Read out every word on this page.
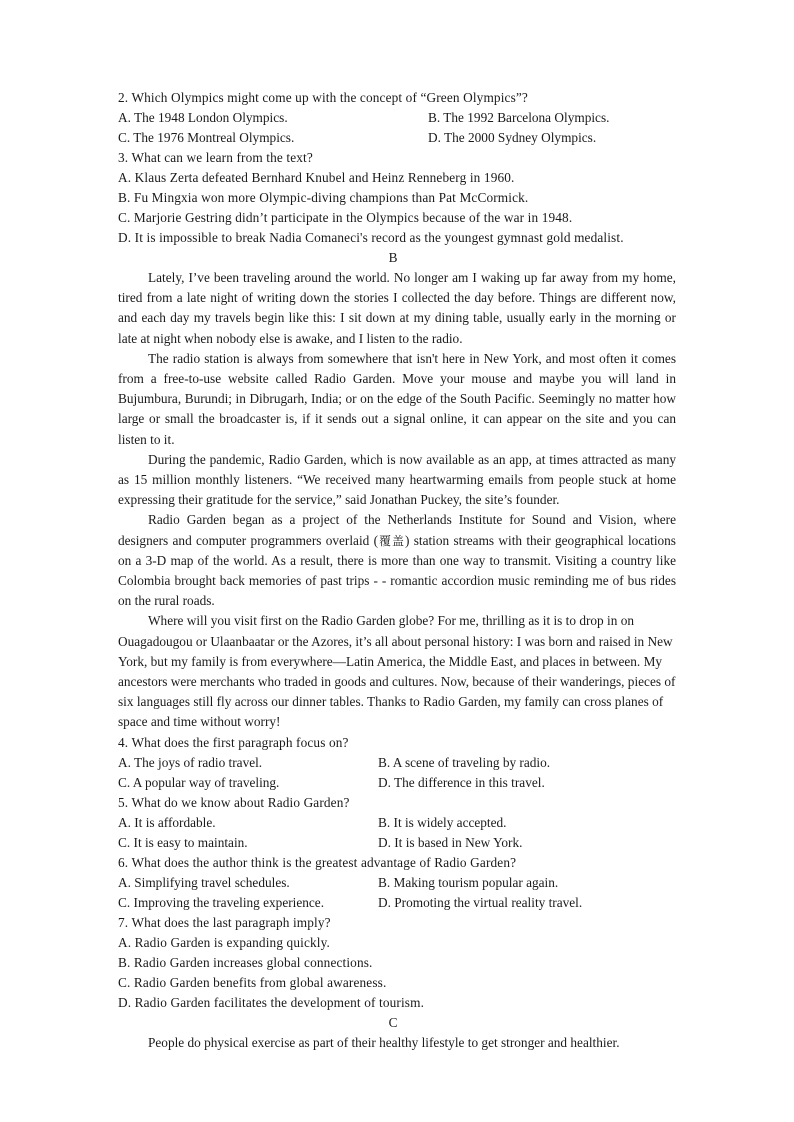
2. Which Olympics might come up with the concept of “Green Olympics”?
A. The 1948 London Olympics.	B. The 1992 Barcelona Olympics.
C. The 1976 Montreal Olympics.	D. The 2000 Sydney Olympics.
3. What can we learn from the text?
A. Klaus Zerta defeated Bernhard Knubel and Heinz Renneberg in 1960.
B. Fu Mingxia won more Olympic-diving champions than Pat McCormick.
C. Marjorie Gestring didn’t participate in the Olympics because of the war in 1948.
D. It is impossible to break Nadia Comaneci's record as the youngest gymnast gold medalist.
B

Lately, I’ve been traveling around the world. No longer am I waking up far away from my home, tired from a late night of writing down the stories I collected the day before. Things are different now, and each day my travels begin like this: I sit down at my dining table, usually early in the morning or late at night when nobody else is awake, and I listen to the radio.

The radio station is always from somewhere that isn't here in New York, and most often it comes from a free-to-use website called Radio Garden. Move your mouse and maybe you will land in Bujumbura, Burundi; in Dibrugarh, India; or on the edge of the South Pacific. Seemingly no matter how large or small the broadcaster is, if it sends out a signal online, it can appear on the site and you can listen to it.

During the pandemic, Radio Garden, which is now available as an app, at times attracted as many as 15 million monthly listeners. “We received many heartwarming emails from people stuck at home expressing their gratitude for the service,” said Jonathan Puckey, the site’s founder.

Radio Garden began as a project of the Netherlands Institute for Sound and Vision, where designers and computer programmers overlaid (覆盖) station streams with their geographical locations on a 3-D map of the world. As a result, there is more than one way to transmit. Visiting a country like Colombia brought back memories of past trips - - romantic accordion music reminding me of bus rides on the rural roads.

Where will you visit first on the Radio Garden globe? For me, thrilling as it is to drop in on Ouagadougou or Ulaanbaatar or the Azores, it’s all about personal history: I was born and raised in New York, but my family is from everywhere—Latin America, the Middle East, and places in between. My ancestors were merchants who traded in goods and cultures. Now, because of their wanderings, pieces of six languages still fly across our dinner tables. Thanks to Radio Garden, my family can cross planes of space and time without worry!

4. What does the first paragraph focus on?
A. The joys of radio travel.	B. A scene of traveling by radio.
C. A popular way of traveling.	D. The difference in this travel.
5. What do we know about Radio Garden?
A. It is affordable.	B. It is widely accepted.
C. It is easy to maintain.	D. It is based in New York.
6. What does the author think is the greatest advantage of Radio Garden?
A. Simplifying travel schedules.	B. Making tourism popular again.
C. Improving the traveling experience.	D. Promoting the virtual reality travel.
7. What does the last paragraph imply?
A. Radio Garden is expanding quickly.
B. Radio Garden increases global connections.
C. Radio Garden benefits from global awareness.
D. Radio Garden facilitates the development of tourism.
C

People do physical exercise as part of their healthy lifestyle to get stronger and healthier.
